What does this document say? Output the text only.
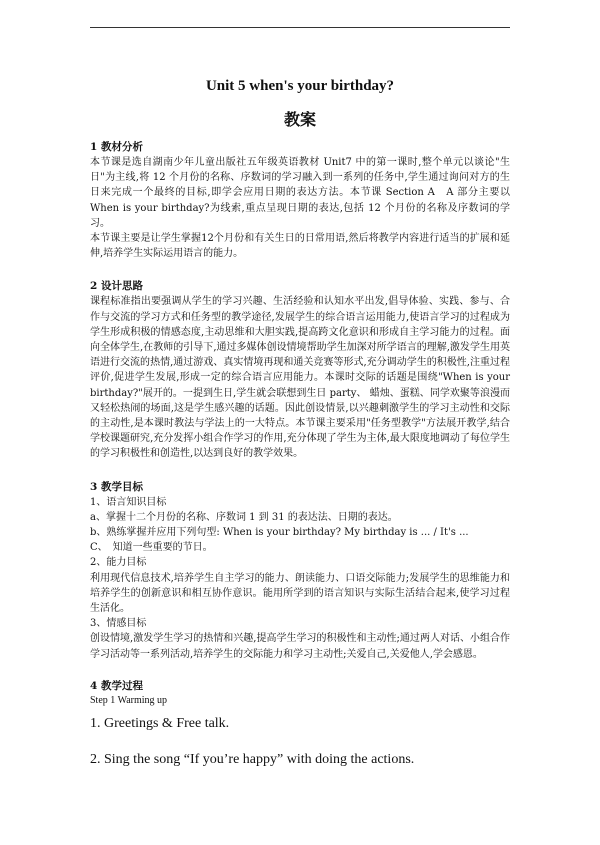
Unit 5 when's your birthday?
教案
1 教材分析
本节课是选自湖南少年儿童出版社五年级英语教材 Unit7 中的第一课时,整个单元以谈论"生日"为主线,将 12 个月份的名称、序数词的学习融入到一系列的任务中,学生通过询问对方的生日来完成一个最终的目标,即学会应用日期的表达方法。本节课 Section A　A 部分主要以 When is your birthday?为线索,重点呈现日期的表达,包括 12 个月份的名称及序数词的学习。
本节课主要是让学生掌握12个月份和有关生日的日常用语,然后将教学内容进行适当的扩展和延伸,培养学生实际运用语言的能力。
2 设计思路
课程标准指出要强调从学生的学习兴趣、生活经验和认知水平出发,倡导体验、实践、参与、合作与交流的学习方式和任务型的教学途径,发展学生的综合语言运用能力,使语言学习的过程成为学生形成积极的情感态度,主动思维和大胆实践,提高跨文化意识和形成自主学习能力的过程。面向全体学生,在教师的引导下,通过多媒体创设情境帮助学生加深对所学语言的理解,激发学生用英语进行交流的热情,通过游戏、真实情境再现和通关竞赛等形式,充分调动学生的积极性,注重过程评价,促进学生发展,形成一定的综合语言应用能力。本课时交际的话题是围绕"When is your birthday?"展开的。一提到生日,学生就会联想到生日 party、 蜡烛、蛋糕、同学欢聚等浪漫而又轻松热闹的场面,这是学生感兴趣的话题。因此创设情景,以兴趣刺激学生的学习主动性和交际的主动性,是本课时教法与学法上的一大特点。本节课主要采用"任务型教学"方法展开教学,结合学校课题研究,充分发挥小组合作学习的作用,充分体现了学生为主体,最大限度地调动了每位学生的学习积极性和创造性,以达到良好的教学效果。
3 教学目标
1、语言知识目标
a、掌握十二个月份的名称、序数词 1 到 31 的表达法、日期的表达。
b、熟练掌握并应用下列句型: When is your birthday? My birthday is ... / It's ...
C、　知道一些重要的节日。
2、能力目标
利用现代信息技术,培养学生自主学习的能力、朗读能力、口语交际能力;发展学生的思维能力和培养学生的创新意识和相互协作意识。能用所学到的语言知识与实际生活结合起来,使学习过程生活化。
3、情感目标
创设情境,激发学生学习的热情和兴趣,提高学生学习的积极性和主动性;通过两人对话、小组合作学习活动等一系列活动,培养学生的交际能力和学习主动性;关爱自己,关爱他人,学会感恩。
4 教学过程
Step 1 Warming up
1. Greetings & Free talk.
2. Sing the song “If you’re happy” with doing the actions.
